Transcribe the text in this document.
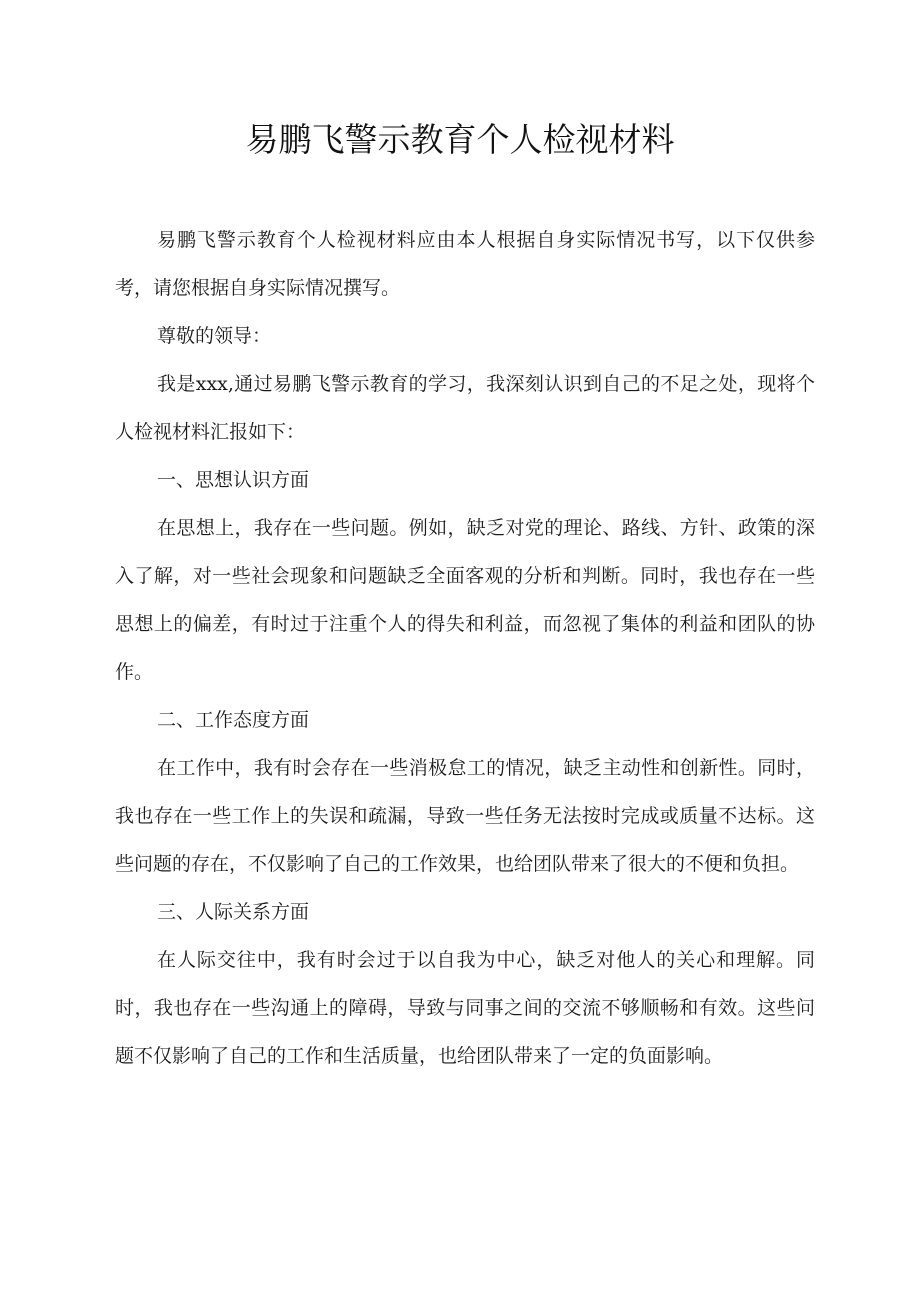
易鹏飞警示教育个人检视材料

易鹏飞警示教育个人检视材料应由本人根据自身实际情况书写，以下仅供参考，请您根据自身实际情况撰写。

尊敬的领导：

我是xxx,通过易鹏飞警示教育的学习，我深刻认识到自己的不足之处，现将个人检视材料汇报如下：

一、思想认识方面

在思想上，我存在一些问题。例如，缺乏对党的理论、路线、方针、政策的深入了解，对一些社会现象和问题缺乏全面客观的分析和判断。同时，我也存在一些思想上的偏差，有时过于注重个人的得失和利益，而忽视了集体的利益和团队的协作。

二、工作态度方面

在工作中，我有时会存在一些消极怠工的情况，缺乏主动性和创新性。同时，我也存在一些工作上的失误和疏漏，导致一些任务无法按时完成或质量不达标。这些问题的存在，不仅影响了自己的工作效果，也给团队带来了很大的不便和负担。

三、人际关系方面

在人际交往中，我有时会过于以自我为中心，缺乏对他人的关心和理解。同时，我也存在一些沟通上的障碍，导致与同事之间的交流不够顺畅和有效。这些问题不仅影响了自己的工作和生活质量，也给团队带来了一定的负面影响。
